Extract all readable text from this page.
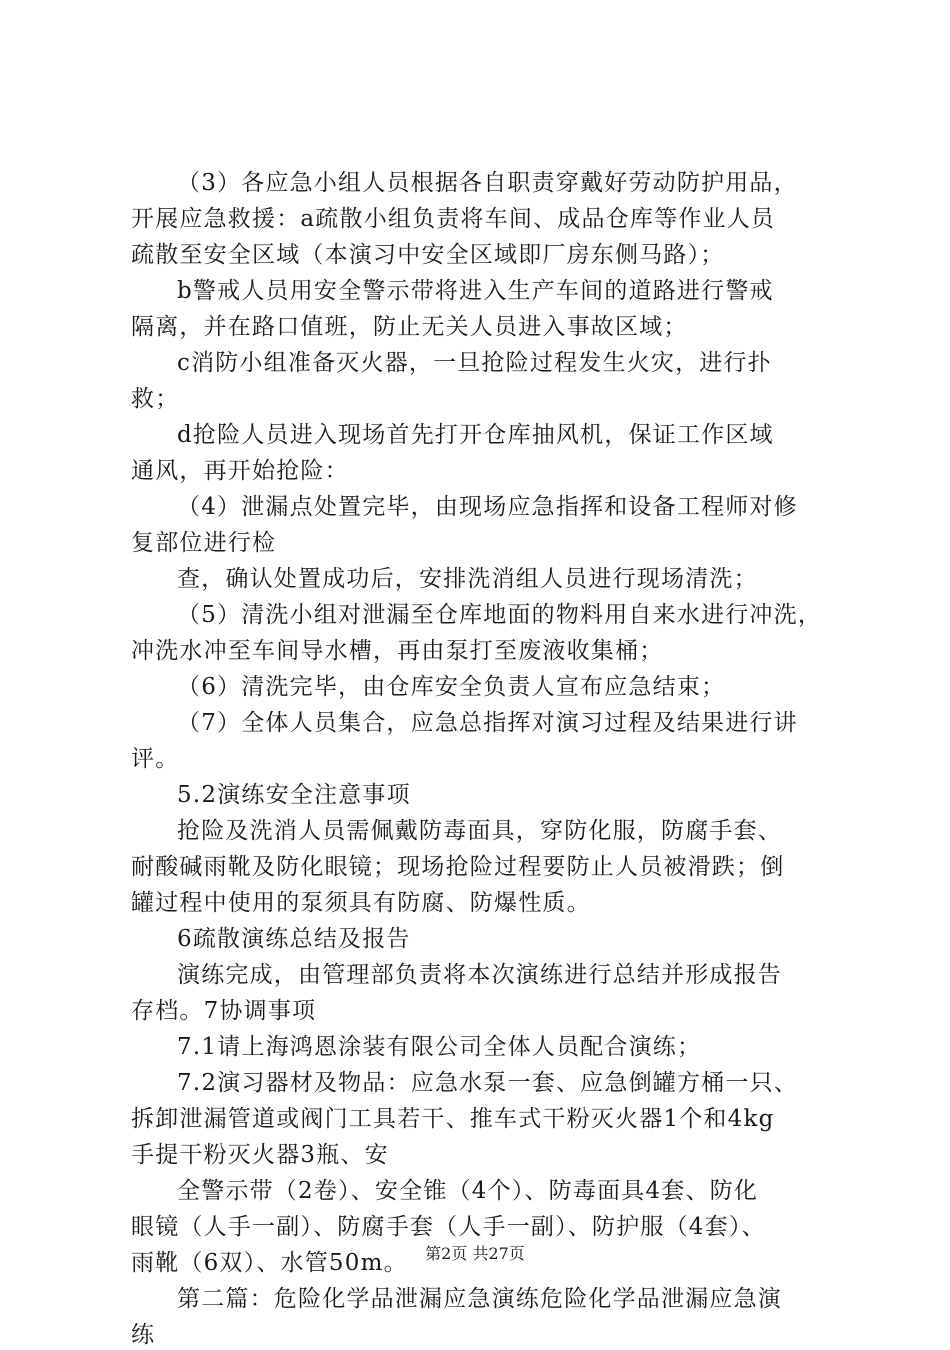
（3）各应急小组人员根据各自职责穿戴好劳动防护用品，
开展应急救援：a疏散小组负责将车间、成品仓库等作业人员
疏散至安全区域（本演习中安全区域即厂房东侧马路）；
b警戒人员用安全警示带将进入生产车间的道路进行警戒
隔离，并在路口值班，防止无关人员进入事故区域；
c消防小组准备灭火器，一旦抢险过程发生火灾，进行扑
救；
d抢险人员进入现场首先打开仓库抽风机，保证工作区域
通风，再开始抢险：
（4）泄漏点处置完毕，由现场应急指挥和设备工程师对修
复部位进行检
查，确认处置成功后，安排洗消组人员进行现场清洗；
（5）清洗小组对泄漏至仓库地面的物料用自来水进行冲洗，
冲洗水冲至车间导水槽，再由泵打至废液收集桶；
（6）清洗完毕，由仓库安全负责人宣布应急结束；
（7）全体人员集合，应急总指挥对演习过程及结果进行讲
评。
5.2演练安全注意事项
抢险及洗消人员需佩戴防毒面具，穿防化服，防腐手套、
耐酸碱雨靴及防化眼镜；现场抢险过程要防止人员被滑跌；倒
罐过程中使用的泵须具有防腐、防爆性质。
6疏散演练总结及报告
演练完成，由管理部负责将本次演练进行总结并形成报告
存档。7协调事项
7.1请上海鸿恩涂装有限公司全体人员配合演练；
7.2演习器材及物品：应急水泵一套、应急倒罐方桶一只、
拆卸泄漏管道或阀门工具若干、推车式干粉灭火器1个和4kg
手提干粉灭火器3瓶、安
全警示带（2卷）、安全锥（4个）、防毒面具4套、防化
眼镜（人手一副）、防腐手套（人手一副）、防护服（4套）、
雨靴（6双）、水管50m。
第二篇：危险化学品泄漏应急演练危险化学品泄漏应急演
练
第2页 共27页
